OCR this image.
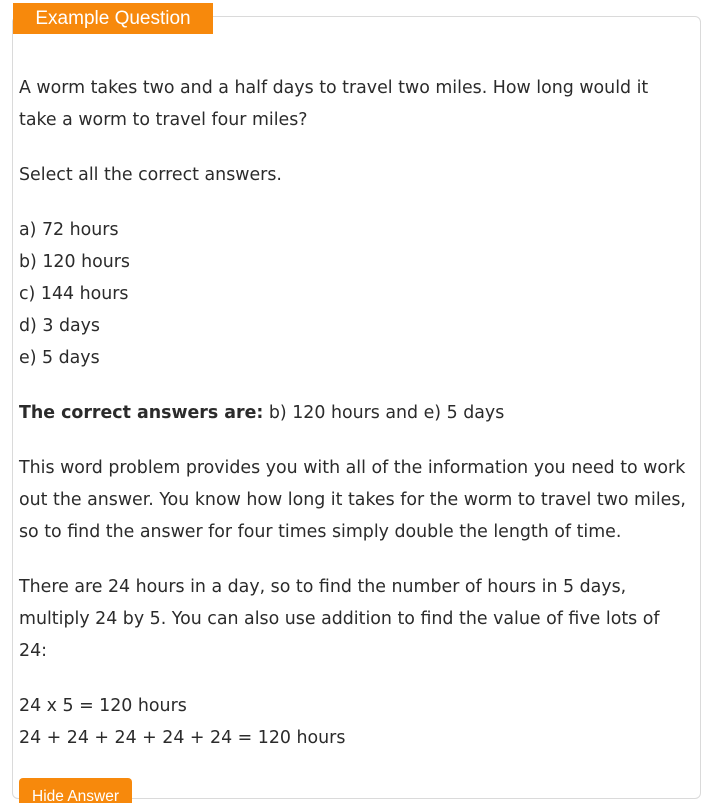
Example Question

A worm takes two and a half days to travel two miles. How long would it take a worm to travel four miles?

Select all the correct answers.

a) 72 hours
b) 120 hours
c) 144 hours
d) 3 days
e) 5 days

The correct answers are: b) 120 hours and e) 5 days

This word problem provides you with all of the information you need to work out the answer. You know how long it takes for the worm to travel two miles, so to find the answer for four times simply double the length of time.

There are 24 hours in a day, so to find the number of hours in 5 days, multiply 24 by 5. You can also use addition to find the value of five lots of 24:

24 x 5 = 120 hours
24 + 24 + 24 + 24 + 24 = 120 hours
Hide Answer
